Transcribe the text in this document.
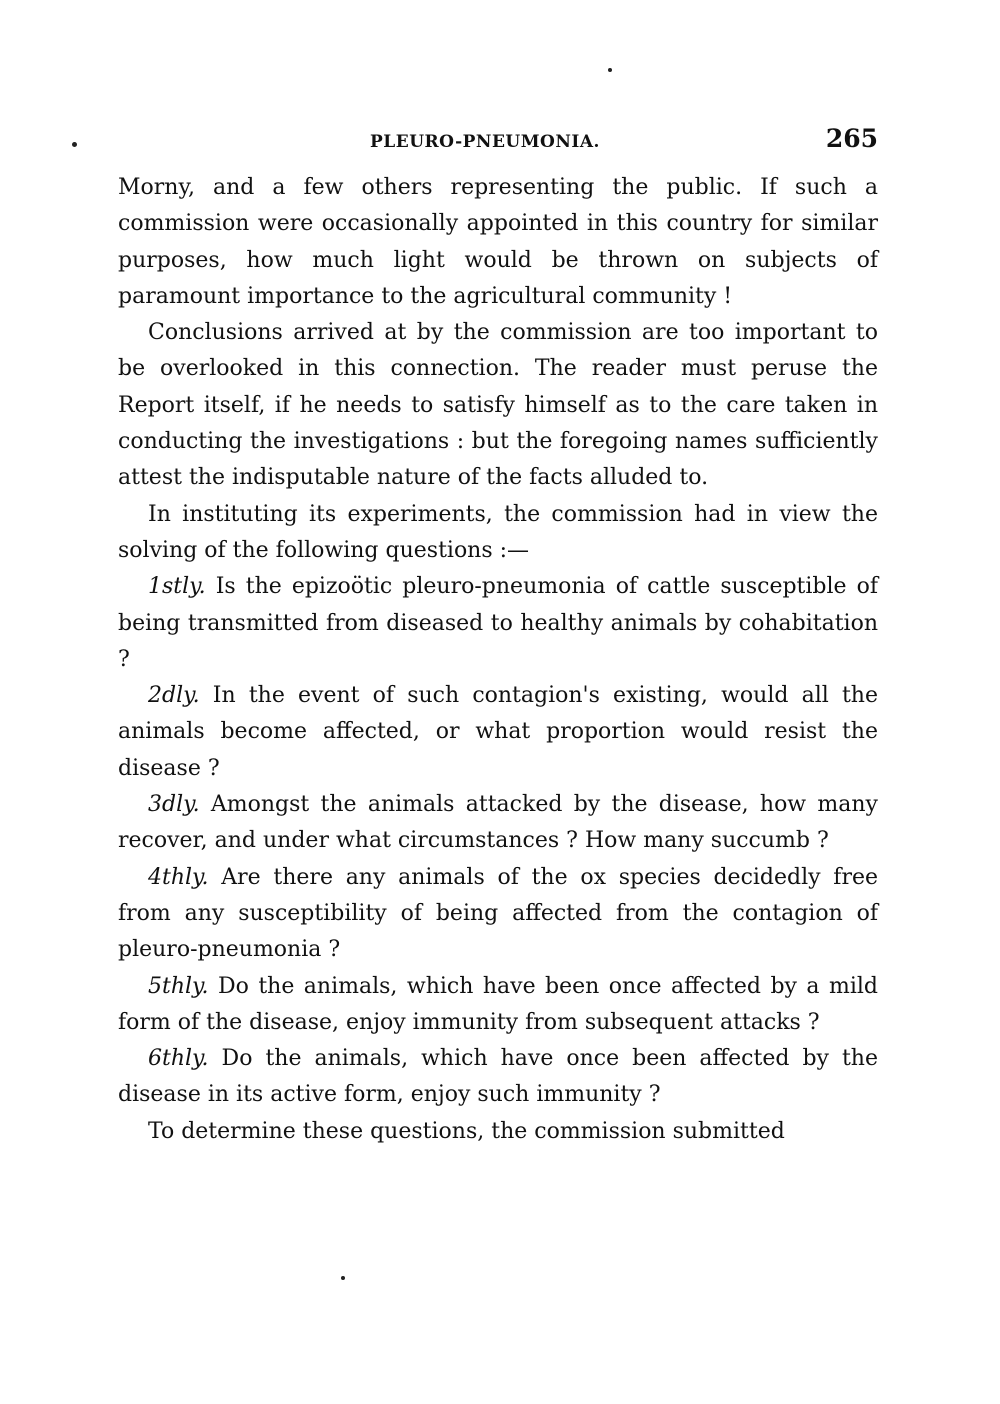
PLEURO-PNEUMONIA.	265

Morny, and a few others representing the public. If such a commission were occasionally appointed in this country for similar purposes, how much light would be thrown on subjects of paramount importance to the agricultural community !

Conclusions arrived at by the commission are too important to be overlooked in this connection. The reader must peruse the Report itself, if he needs to satisfy himself as to the care taken in conducting the investigations : but the foregoing names sufficiently attest the indisputable nature of the facts alluded to.

In instituting its experiments, the commission had in view the solving of the following questions :—

1stly. Is the epizoötic pleuro-pneumonia of cattle susceptible of being transmitted from diseased to healthy animals by cohabitation ?

2dly. In the event of such contagion's existing, would all the animals become affected, or what proportion would resist the disease ?

3dly. Amongst the animals attacked by the disease, how many recover, and under what circumstances ? How many succumb ?

4thly. Are there any animals of the ox species decidedly free from any susceptibility of being affected from the contagion of pleuro-pneumonia ?

5thly. Do the animals, which have been once affected by a mild form of the disease, enjoy immunity from subsequent attacks ?

6thly. Do the animals, which have once been affected by the disease in its active form, enjoy such immunity ?

To determine these questions, the commission submitted
